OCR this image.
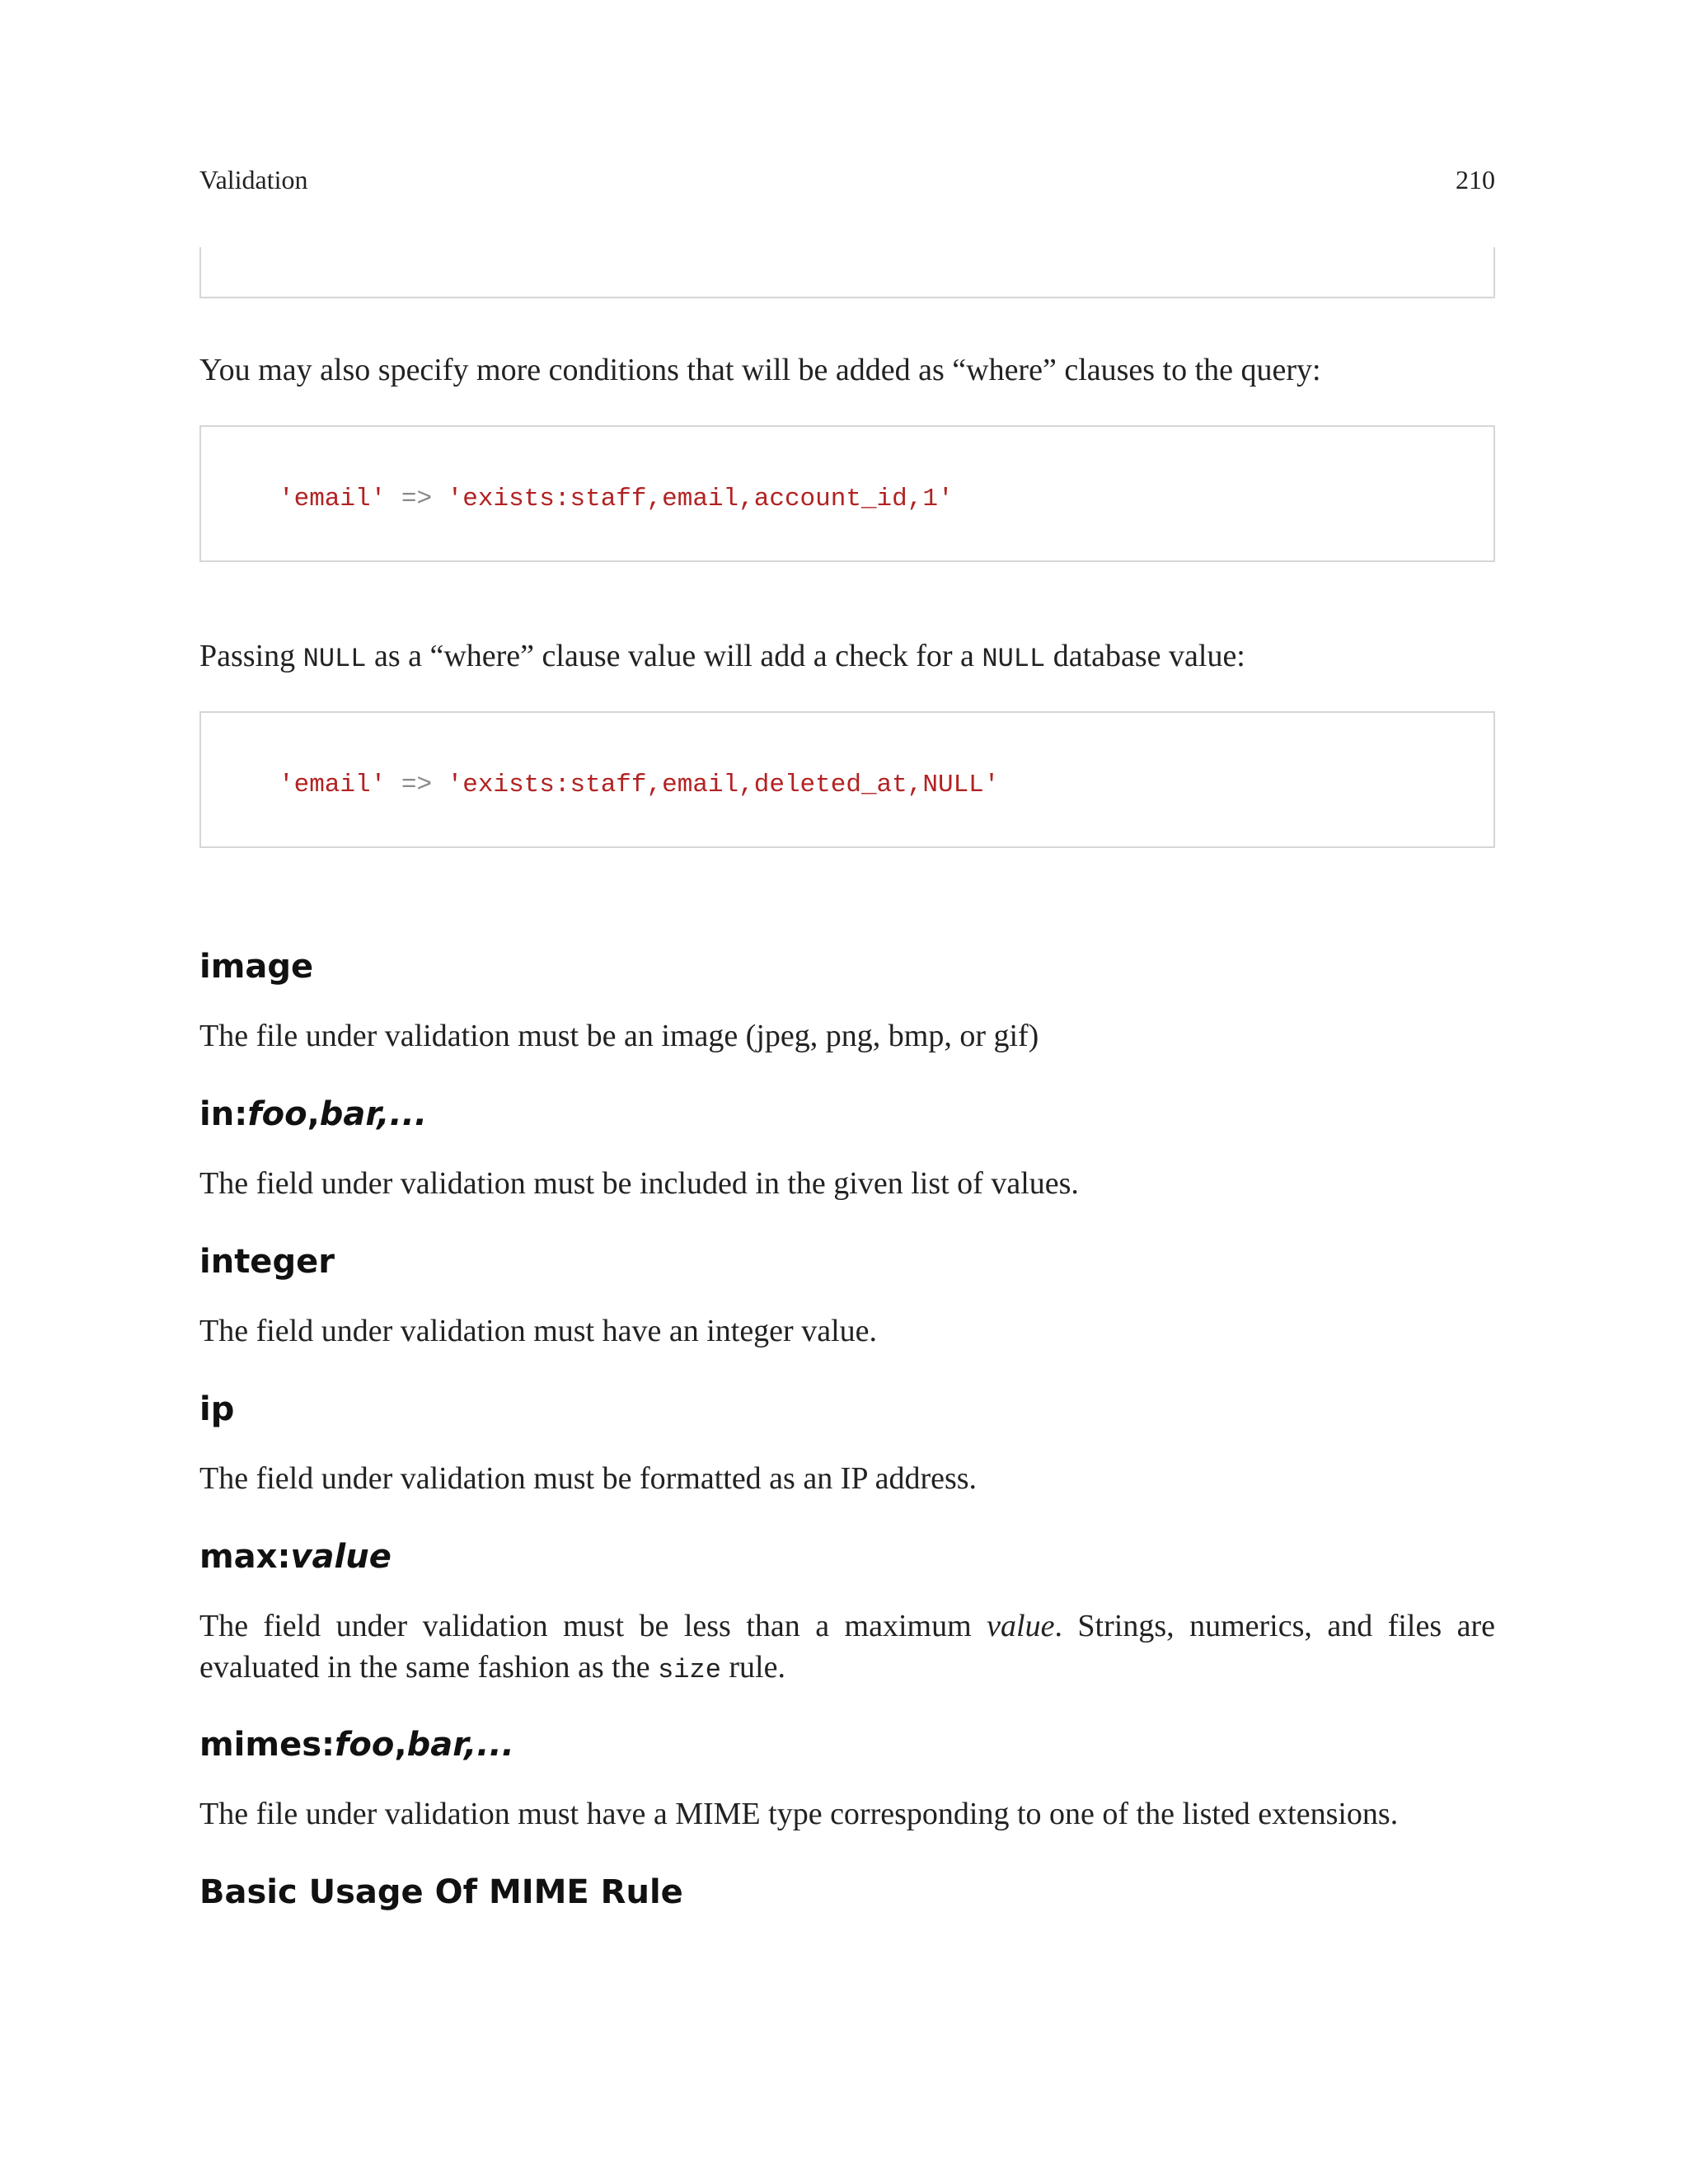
Validation	210
You may also specify more conditions that will be added as “where” clauses to the query:
'email' => 'exists:staff,email,account_id,1'
Passing NULL as a “where” clause value will add a check for a NULL database value:
'email' => 'exists:staff,email,deleted_at,NULL'
image
The file under validation must be an image (jpeg, png, bmp, or gif)
in:foo,bar,...
The field under validation must be included in the given list of values.
integer
The field under validation must have an integer value.
ip
The field under validation must be formatted as an IP address.
max:value
The field under validation must be less than a maximum value. Strings, numerics, and files are evaluated in the same fashion as the size rule.
mimes:foo,bar,...
The file under validation must have a MIME type corresponding to one of the listed extensions.
Basic Usage Of MIME Rule
